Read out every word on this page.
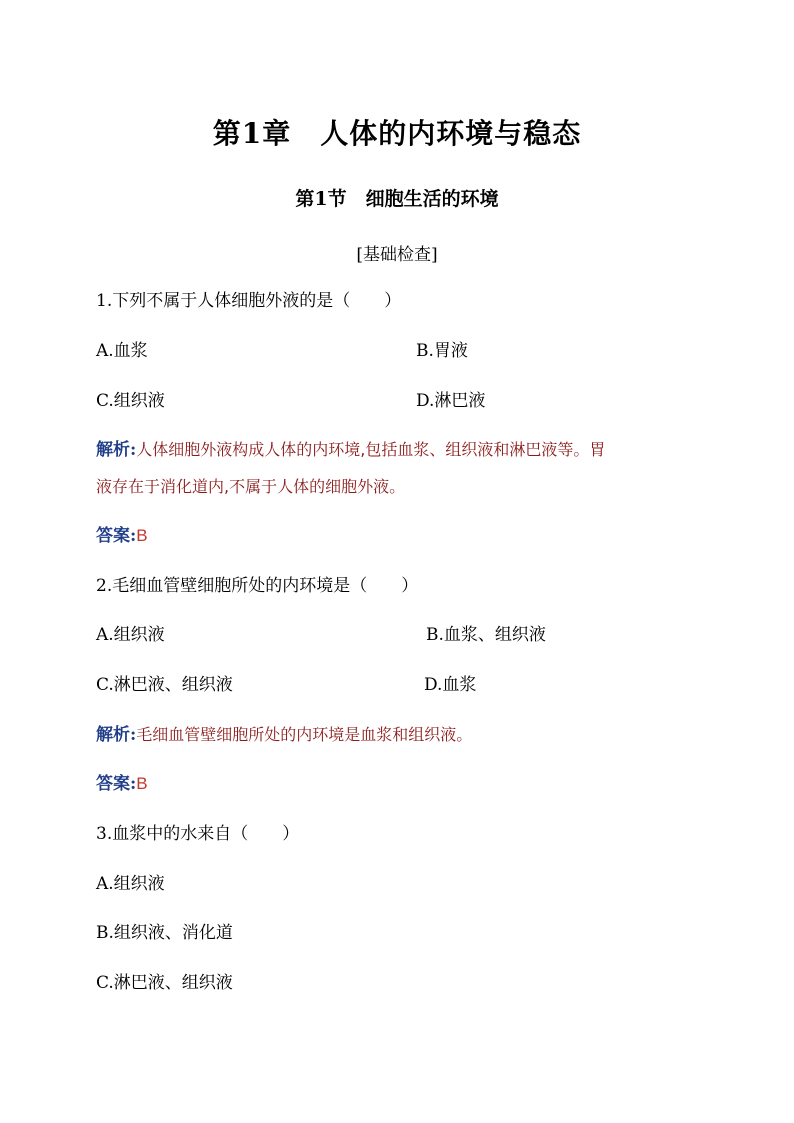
第1章　人体的内环境与稳态
第1节　细胞生活的环境
[基础检查]
1.下列不属于人体细胞外液的是（　　）
A.血浆	B.胃液
C.组织液	D.淋巴液
解析:人体细胞外液构成人体的内环境,包括血浆、组织液和淋巴液等。胃
液存在于消化道内,不属于人体的细胞外液。
答案:B
2.毛细血管壁细胞所处的内环境是（　　）
A.组织液	B.血浆、组织液
C.淋巴液、组织液	D.血浆
解析:毛细血管壁细胞所处的内环境是血浆和组织液。
答案:B
3.血浆中的水来自（　　）
A.组织液
B.组织液、消化道
C.淋巴液、组织液
